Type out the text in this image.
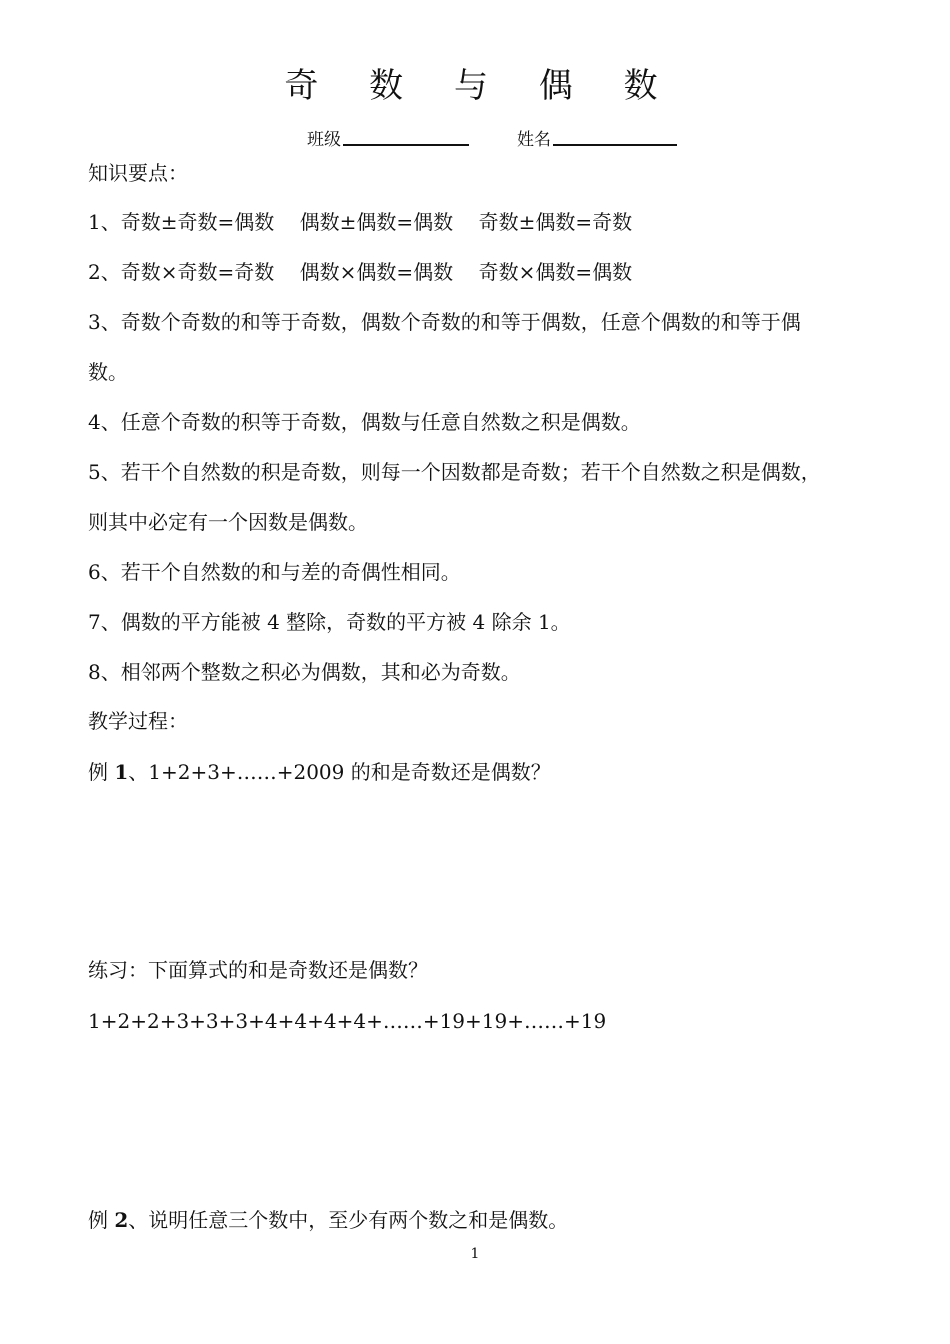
奇 数 与 偶 数
班级	姓名
知识要点：
1、奇数±奇数=偶数    偶数±偶数=偶数    奇数±偶数=奇数
2、奇数×奇数=奇数    偶数×偶数=偶数    奇数×偶数=偶数
3、奇数个奇数的和等于奇数，偶数个奇数的和等于偶数，任意个偶数的和等于偶
数。
4、任意个奇数的积等于奇数，偶数与任意自然数之积是偶数。
5、若干个自然数的积是奇数，则每一个因数都是奇数；若干个自然数之积是偶数，
则其中必定有一个因数是偶数。
6、若干个自然数的和与差的奇偶性相同。
7、偶数的平方能被 4 整除，奇数的平方被 4 除余 1。
8、相邻两个整数之积必为偶数，其和必为奇数。
教学过程：
例 1、1+2+3+……+2009 的和是奇数还是偶数？
练习：下面算式的和是奇数还是偶数？
1+2+2+3+3+3+4+4+4+4+……+19+19+……+19
例 2、说明任意三个数中，至少有两个数之和是偶数。
1
